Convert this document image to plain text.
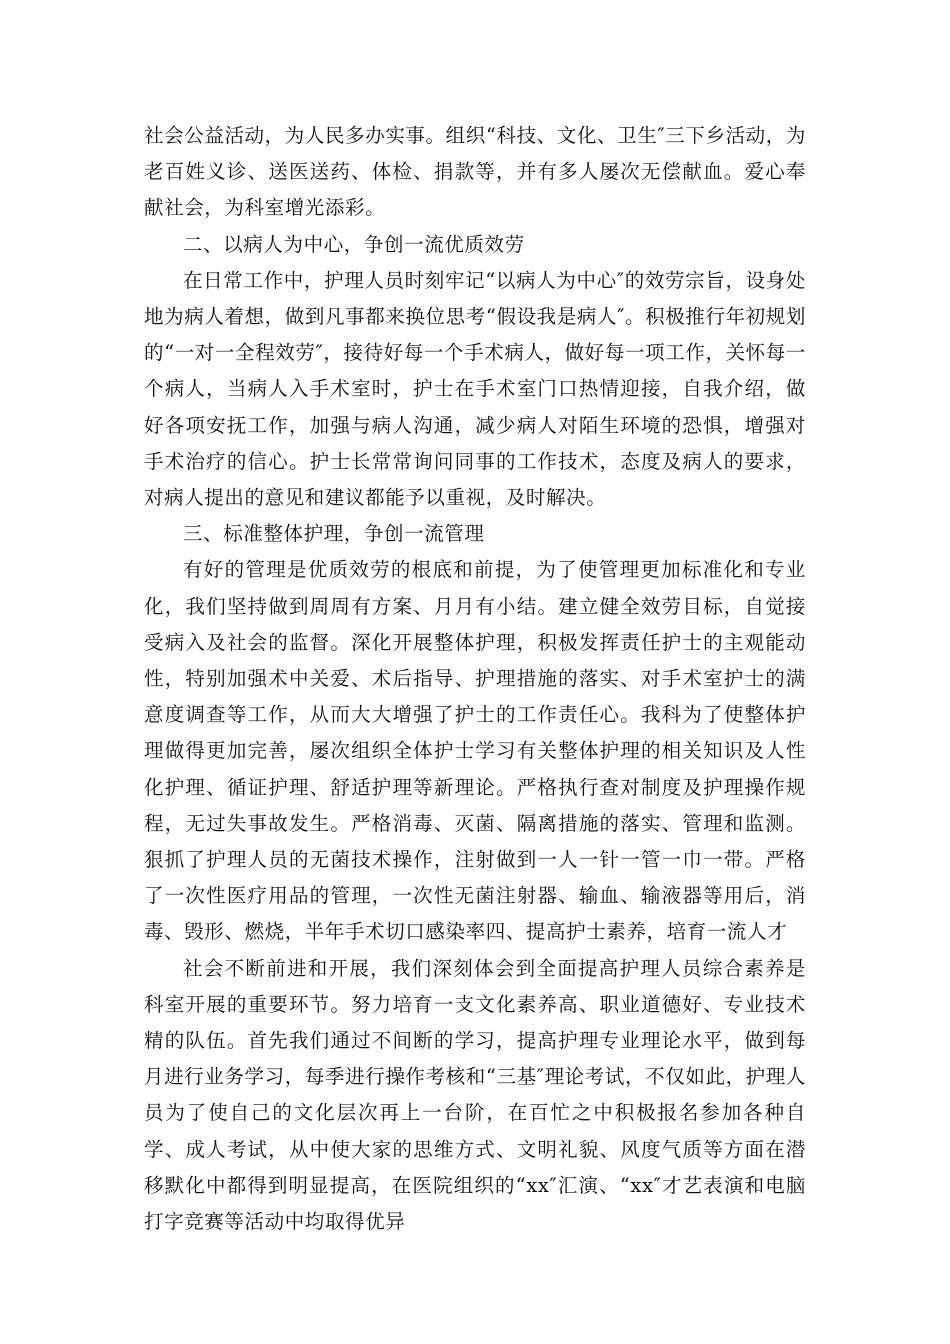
社会公益活动，为人民多办实事。组织“科技、文化、卫生″三下乡活动，为老百姓义诊、送医送药、体检、捐款等，并有多人屡次无偿献血。爱心奉献社会，为科室增光添彩。

二、以病人为中心，争创一流优质效劳

在日常工作中，护理人员时刻牢记“以病人为中心″的效劳宗旨，设身处地为病人着想，做到凡事都来换位思考“假设我是病人″。积极推行年初规划的“一对一全程效劳″，接待好每一个手术病人，做好每一项工作，关怀每一个病人，当病人入手术室时，护士在手术室门口热情迎接，自我介绍，做好各项安抚工作，加强与病人沟通，减少病人对陌生环境的恐惧，增强对手术治疗的信心。护士长常常询问同事的工作技术，态度及病人的要求，对病人提出的意见和建议都能予以重视，及时解决。

三、标准整体护理，争创一流管理

有好的管理是优质效劳的根底和前提，为了使管理更加标准化和专业化，我们坚持做到周周有方案、月月有小结。建立健全效劳目标，自觉接受病入及社会的监督。深化开展整体护理，积极发挥责任护士的主观能动性，特别加强术中关爱、术后指导、护理措施的落实、对手术室护士的满意度调查等工作，从而大大增强了护士的工作责任心。我科为了使整体护理做得更加完善，屡次组织全体护士学习有关整体护理的相关知识及人性化护理、循证护理、舒适护理等新理论。严格执行查对制度及护理操作规程，无过失事故发生。严格消毒、灭菌、隔离措施的落实、管理和监测。狠抓了护理人员的无菌技术操作，注射做到一人一针一管一巾一带。严格了一次性医疗用品的管理，一次性无菌注射器、输血、输液器等用后，消毒、毁形、燃烧，半年手术切口感染率四、提高护士素养，培育一流人才

社会不断前进和开展，我们深刻体会到全面提高护理人员综合素养是科室开展的重要环节。努力培育一支文化素养高、职业道德好、专业技术精的队伍。首先我们通过不间断的学习，提高护理专业理论水平，做到每月进行业务学习，每季进行操作考核和“三基″理论考试，不仅如此，护理人员为了使自己的文化层次再上一台阶，在百忙之中积极报名参加各种自学、成人考试，从中使大家的思维方式、文明礼貌、风度气质等方面在潜移默化中都得到明显提高，在医院组织的“xx″汇演、“xx″才艺表演和电脑打字竞赛等活动中均取得优异
